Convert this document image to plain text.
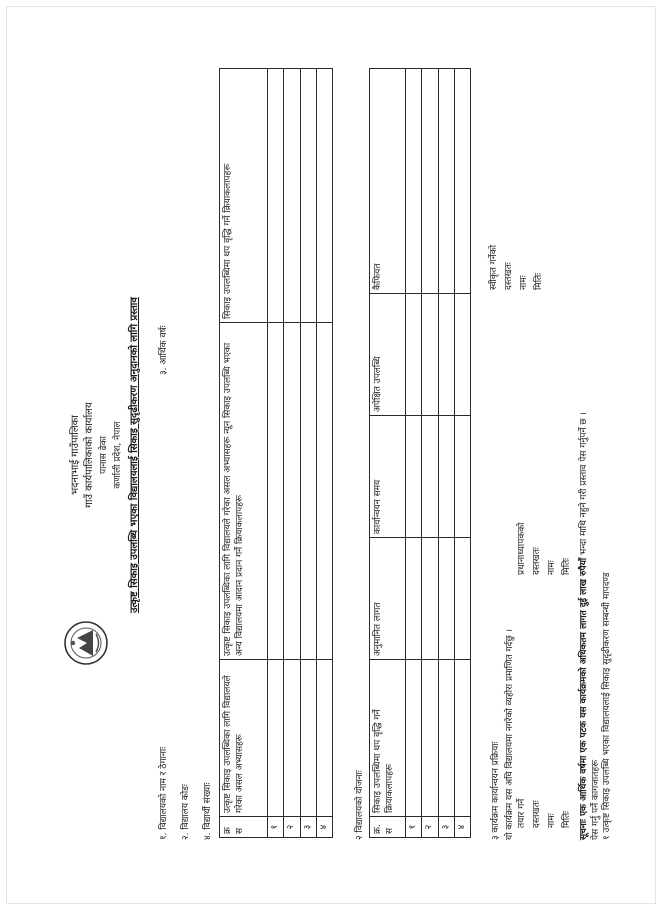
भदनाभाई गाउँपालिका गाउँ कार्यपालिकाको कार्यालय पानास ढेका कर्णाली प्रदेश, नेपाल उत्कृष्ट सिकाइ उपलब्धि भएका विद्यालयलाई सिकाइ सुदृढीकरण अनुदानको लागि प्रस्ताव
१. विद्यालयको नाम र ठेगानाः
३. आर्थिक वर्षः
२. विद्यालय कोडः ४. विद्यार्थी संख्याः क्र स	उत्कृष्ट सिकाइ उपलब्धिका लागि विद्यालयले गरेका असल अभ्यासहरू	उत्कृष्ट सिकाइ उपलब्धिका लागि विद्यालयले गरेका असल अभ्यासहरू न्यून सिकाइ उपलब्धि भएका अन्य विद्यालयमा आदान प्रदान गर्ने क्रियाकलापहरू	सिकाइ उपलब्धिमा थप वृद्धि गर्ने क्रियाकलापहरू
१			
२			
३			
४				२ विद्यालयको योजनाः क्र. स	सिकाइ उपलब्धिमा थप वृद्धि गर्ने क्रियाकलापहरू	अनुमानित लागत	कार्यान्वयन समय	अपेक्षित उपलब्धि	कैफियत
१					
२					
३					
४						३ कार्यक्रम कार्यान्वयन प्रक्रियाः यो कार्यक्रम यस अघि विद्यालयमा नगरेको व्यहोरा प्रमाणित गर्दछु । तयार गर्ने दस्तखतः नामः मितिः
प्रधानाध्यापकको दस्तखतः नामः मितिः
स्वीकृत गर्नेको दस्तखतः नामः मितिः
सूचनाः एक आर्थिक वर्षमा एक पटक यस कार्यक्रमको अधिकतम लागत दुई लाख रुपैयाँ भन्दा माथि नहुने गरी प्रस्ताव पेस गर्नुपर्ने छ ।
पेस गर्नु पर्ने कागजातहरू १ उत्कृष्ट सिकाइ उपलब्धि भएका विद्यालयलाई सिकाइ सुदृढीकरण सम्बन्धी मापदण्ड
